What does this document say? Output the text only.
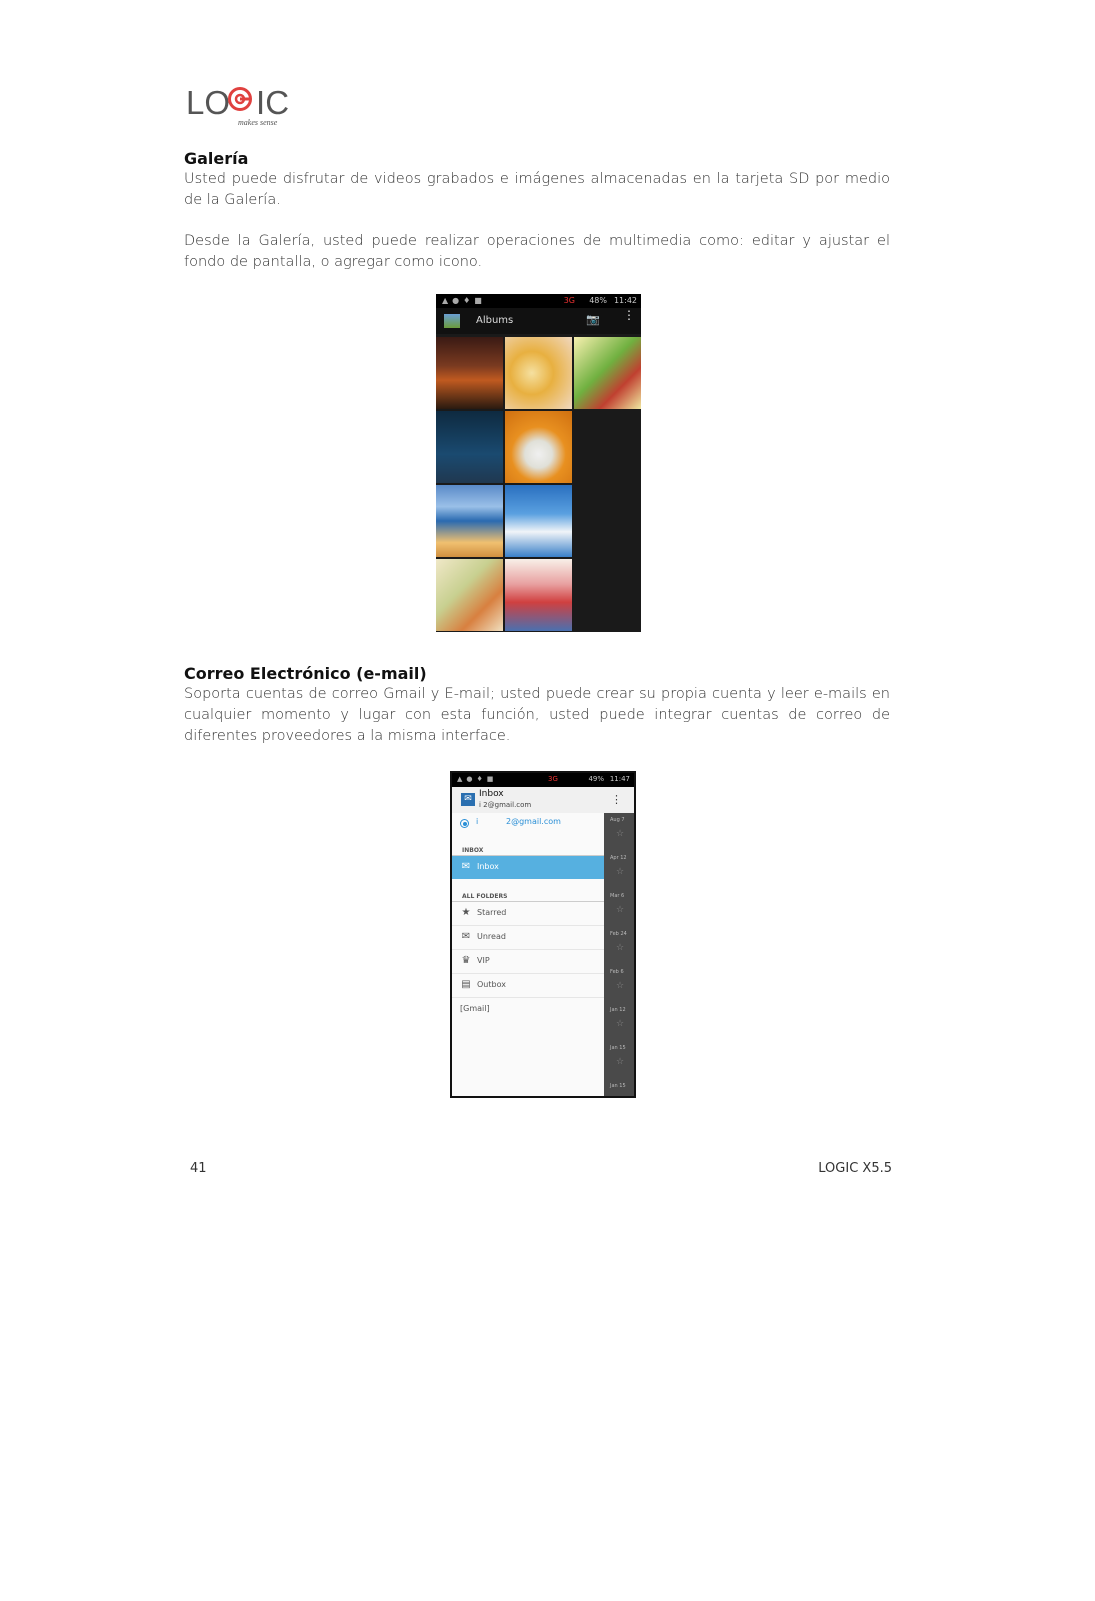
LO IC
makes sense
Galería

Usted puede disfrutar de videos grabados e imágenes almacenadas en la tarjeta SD por medio de la Galería.

Desde la Galería, usted puede realizar operaciones de multimedia como: editar y ajustar el fondo de pantalla, o agregar como icono.

▲●♦■	3G 48% 11:42
Albums	📷 ⋮
Correo Electrónico (e-mail)

Soporta cuentas de correo Gmail y E-mail; usted puede crear su propia cuenta y leer e-mails en cualquier momento y lugar con esta función, usted puede integrar cuentas de correo de diferentes proveedores a la misma interface.

▲●♦■	3G	49% 11:47
✉ Inbox
i 2@gmail.com	⋮
i	2@gmail.com
INBOX
✉ Inbox
ALL FOLDERS
★ Starred
✉ Unread
♛ VIP
▤ Outbox
[Gmail]
Aug 7
☆
Apr 12
☆
Mar 6
☆
Feb 24
☆
Feb 6
☆
Jan 12
☆
Jan 15
☆
Jan 15
41	LOGIC X5.5
